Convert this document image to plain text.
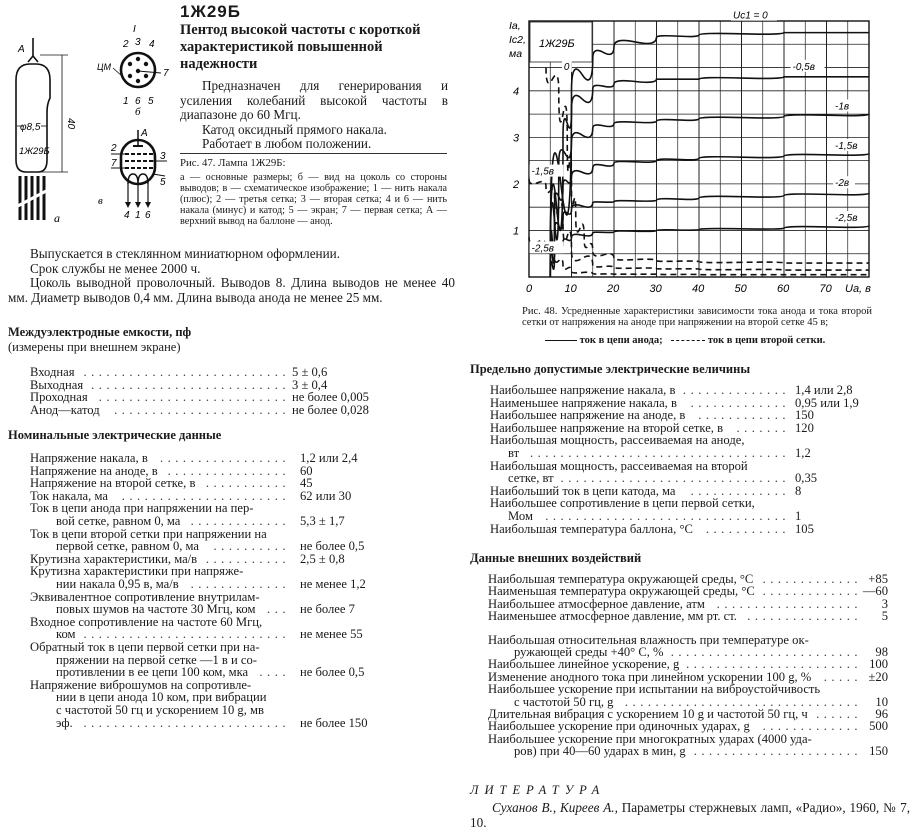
1Ж29Б
Пентод высокой частоты с короткой характеристикой повышенной надежности
Предназначен для генерирования и усиления колебаний высокой частоты в диапазоне до 60 Мгц.
Катод оксидный прямого накала.
Работает в любом положении.
А
φ8,5
1Ж29Б
40
а
I
2 3 4
ЦМ
7
1 6 5
б
А
2
7
3
5
4 1 6
в
Рис. 47. Лампа 1Ж29Б:
а — основные размеры; б — вид на цоколь со стороны выводов; в — схематическое изображение; 1 — нить накала (плюс); 2 — третья сетка; 3 — вторая сетка; 4 и 6 — нить накала (минус) и катод; 5 — экран; 7 — первая сетка; А — верхний вывод на баллоне — анод.
Выпускается в стеклянном миниатюрном оформлении.
Срок службы не менее 2000 ч.
Цоколь выводной проволочный. Выводов 8. Длина выводов не менее 40 мм. Диаметр выводов 0,4 мм. Длина вывода анода не менее 25 мм.
Междуэлектродные емкости, пф
(измерены при внешнем экране)
Входная ........................... 5 ± 0,6
Выходная .......................... 3 ± 0,4
Проходная ......................... не более 0,005
Анод—катод ....................... не более 0,028
Номинальные электрические данные
Напряжение накала, в ................. 1,2 или 2,4
Напряжение на аноде, в ................ 60
Напряжение на второй сетке, в ........... 45
Ток накала, ма ...................... 62 или 30
Ток в цепи анода при напряжении на пер-
вой сетке, равном 0, ма ............. 5,3 ± 1,7
Ток в цепи второй сетки при напряжении на
первой сетке, равном 0, ма .......... не более 0,5
Крутизна характеристики, ма/в ........... 2,5 ± 0,8
Крутизна характеристики при напряже-
нии накала 0,95 в, ма/в ............. не менее 1,2
Эквивалентное сопротивление внутрилам-
повых шумов на частоте 30 Мгц, ком ... не более 7
Входное сопротивление на частоте 60 Мгц,
ком ........................... не менее 55
Обратный ток в цепи первой сетки при на-
пряжении на первой сетке —1 в и со-
противлении в ее цепи 100 ком, мка .... не более 0,5
Напряжение виброшумов на сопротивле-
нии в цепи анода 10 ком, при вибрации
с частотой 50 гц и ускорением 10 g, мв
эф. ........................... не более 150
1Ж29Б
Iа,
Iс2,
ма
1
2
3
4
0	10	20	30	40	50	60	70 Uа, в
Uс1 = 0
-0,5в
-1в
-1,5в
-2в
-2,5в
0
-1,5в
-2,5в
Рис. 48. Усредненные характеристики зависимости тока анода и тока второй сетки от напряжения на аноде при напряжении на второй сетке 45 в;
ток в цепи анода;	ток в цепи второй сетки.
Предельно допустимые электрические величины
Наибольшее напряжение накала, в .............. 1,4 или 2,8
Наименьшее напряжение накала, в ............. 0,95 или 1,9
Наибольшее напряжение на аноде, в ............ 150
Наибольшее напряжение на второй сетке, в ....... 120
Наибольшая мощность, рассеиваемая на аноде,
вт .................................. 1,2
Наибольшая мощность, рассеиваемая на второй
сетке, вт .............................. 0,35
Наибольший ток в цепи катода, ма ............. 8
Наибольшее сопротивление в цепи первой сетки,
Мом ................................ 1
Наибольшая температура баллона, °С ........... 105
Данные внешних воздействий
Наибольшая температура окружающей среды, °С ............. +85
Наименьшая температура окружающей среды, °С ............. —60
Наибольшее атмосферное давление, атм ................... 3
Наименьшее атмосферное давление, мм рт. ст. ............... 5
Наибольшая относительная влажность при температуре ок-
ружающей среды +40° С, % ......................... 98
Наибольшее линейное ускорение, g ....................... 100
Изменение анодного тока при линейном ускорении 100 g, % ..... ±20
Наибольшее ускорение при испытании на виброустойчивость
с частотой 50 гц, g ............................... 10
Длительная вибрация с ускорением 10 g и частотой 50 гц, ч ...... 96
Наибольшее ускорение при одиночных ударах, g ............. 500
Наибольшее ускорение при многократных ударах (4000 уда-
ров) при 40—60 ударах в мин, g ...................... 150
ЛИТЕРАТУРА
Суханов В., Киреев А., Параметры стержневых ламп, «Радио», 1960, № 7, 10.
